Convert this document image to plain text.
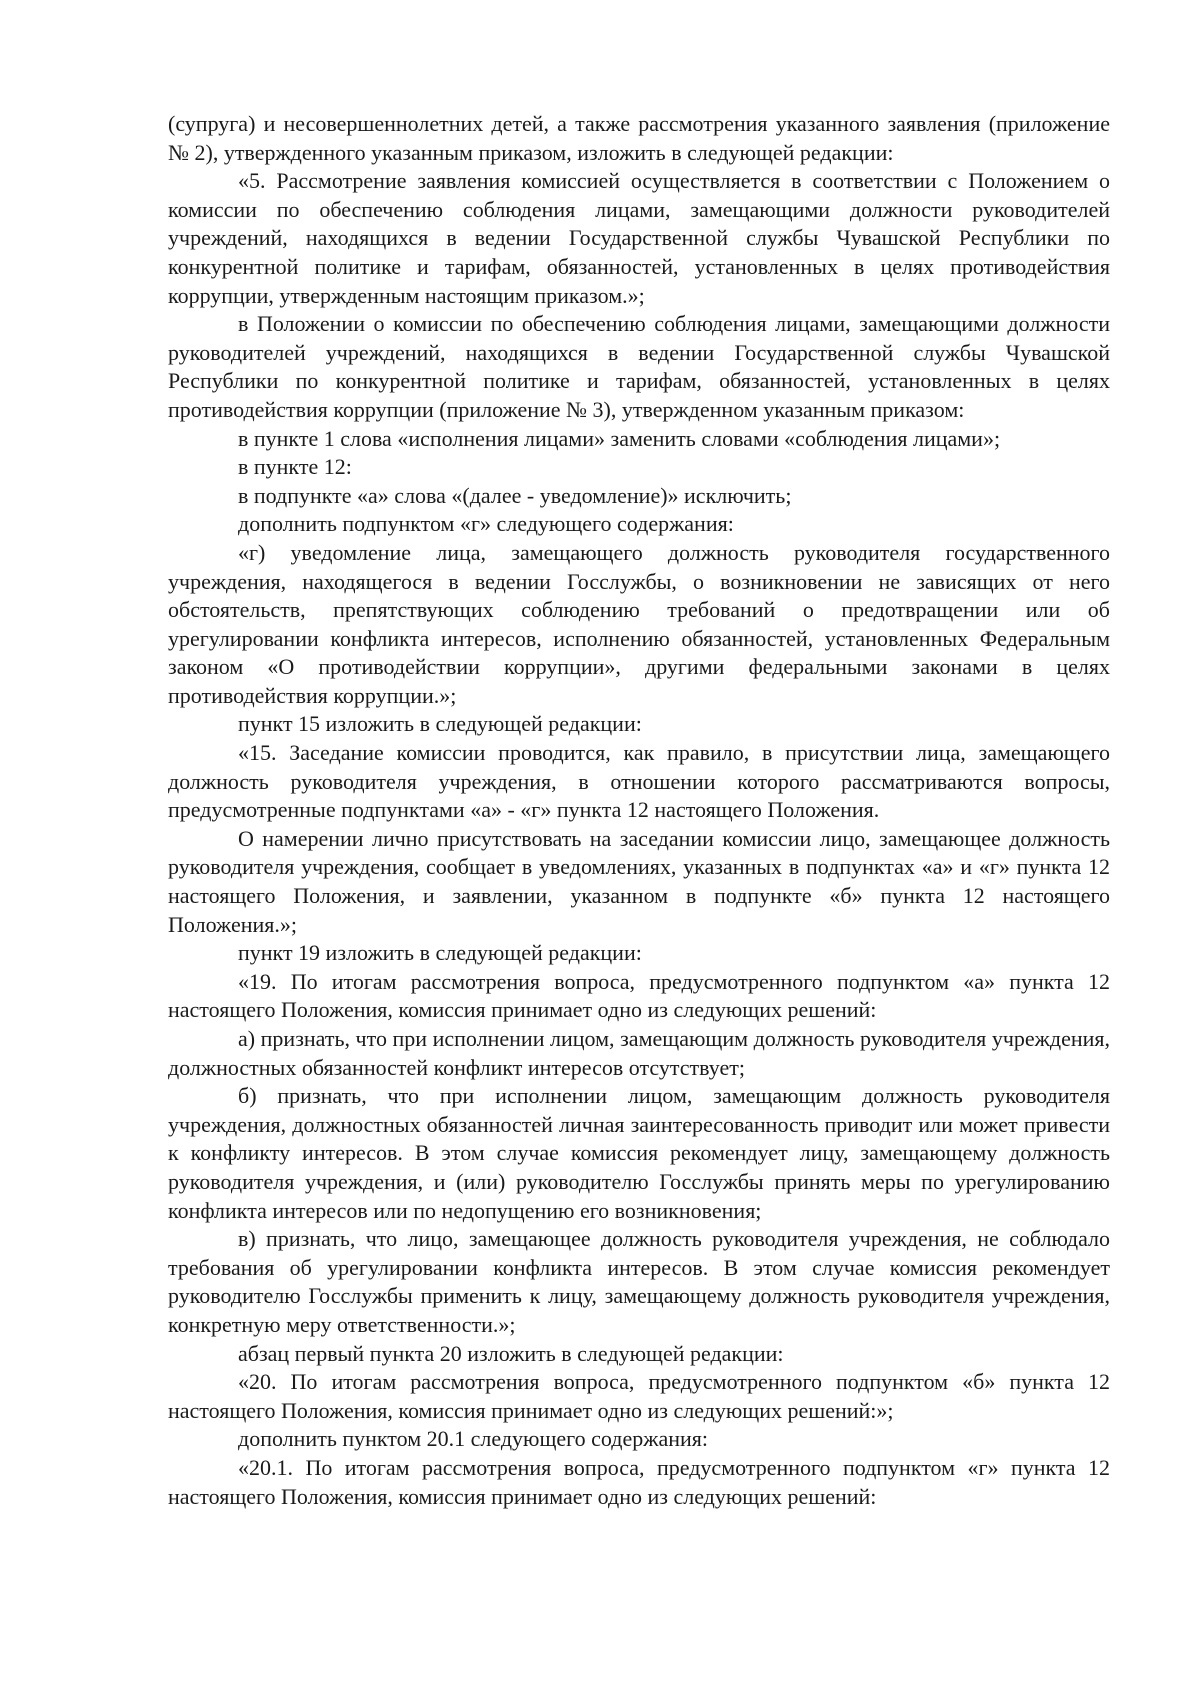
(супруга) и несовершеннолетних детей, а также рассмотрения указанного заявления (приложение № 2), утвержденного указанным приказом, изложить в следующей редакции:

«5. Рассмотрение заявления комиссией осуществляется в соответствии с Положением о комиссии по обеспечению соблюдения лицами, замещающими должности руководителей учреждений, находящихся в ведении Государственной службы Чувашской Республики по конкурентной политике и тарифам, обязанностей, установленных в целях противодействия коррупции, утвержденным настоящим приказом.»;

в Положении о комиссии по обеспечению соблюдения лицами, замещающими должности руководителей учреждений, находящихся в ведении Государственной службы Чувашской Республики по конкурентной политике и тарифам, обязанностей, установленных в целях противодействия коррупции (приложение № 3), утвержденном указанным приказом:

в пункте 1 слова «исполнения лицами» заменить словами «соблюдения лицами»;

в пункте 12:

в подпункте «а» слова «(далее - уведомление)» исключить;

дополнить подпунктом «г» следующего содержания:

«г) уведомление лица, замещающего должность руководителя государственного учреждения, находящегося в ведении Госслужбы, о возникновении не зависящих от него обстоятельств, препятствующих соблюдению требований о предотвращении или об урегулировании конфликта интересов, исполнению обязанностей, установленных Федеральным законом «О противодействии коррупции», другими федеральными законами в целях противодействия коррупции.»;

пункт 15 изложить в следующей редакции:

«15. Заседание комиссии проводится, как правило, в присутствии лица, замещающего должность руководителя учреждения, в отношении которого рассматриваются вопросы, предусмотренные подпунктами «а» - «г» пункта 12 настоящего Положения.

О намерении лично присутствовать на заседании комиссии лицо, замещающее должность руководителя учреждения, сообщает в уведомлениях, указанных в подпунктах «а» и «г» пункта 12 настоящего Положения, и заявлении, указанном в подпункте «б» пункта 12 настоящего Положения.»;

пункт 19 изложить в следующей редакции:

«19. По итогам рассмотрения вопроса, предусмотренного подпунктом «а» пункта 12 настоящего Положения, комиссия принимает одно из следующих решений:

а) признать, что при исполнении лицом, замещающим должность руководителя учреждения, должностных обязанностей конфликт интересов отсутствует;

б) признать, что при исполнении лицом, замещающим должность руководителя учреждения, должностных обязанностей личная заинтересованность приводит или может привести к конфликту интересов. В этом случае комиссия рекомендует лицу, замещающему должность руководителя учреждения, и (или) руководителю Госслужбы принять меры по урегулированию конфликта интересов или по недопущению его возникновения;

в) признать, что лицо, замещающее должность руководителя учреждения, не соблюдало требования об урегулировании конфликта интересов. В этом случае комиссия рекомендует руководителю Госслужбы применить к лицу, замещающему должность руководителя учреждения, конкретную меру ответственности.»;

абзац первый пункта 20 изложить в следующей редакции:

«20. По итогам рассмотрения вопроса, предусмотренного подпунктом «б» пункта 12 настоящего Положения, комиссия принимает одно из следующих решений:»;

дополнить пунктом 20.1 следующего содержания:

«20.1. По итогам рассмотрения вопроса, предусмотренного подпунктом «г» пункта 12 настоящего Положения, комиссия принимает одно из следующих решений:
